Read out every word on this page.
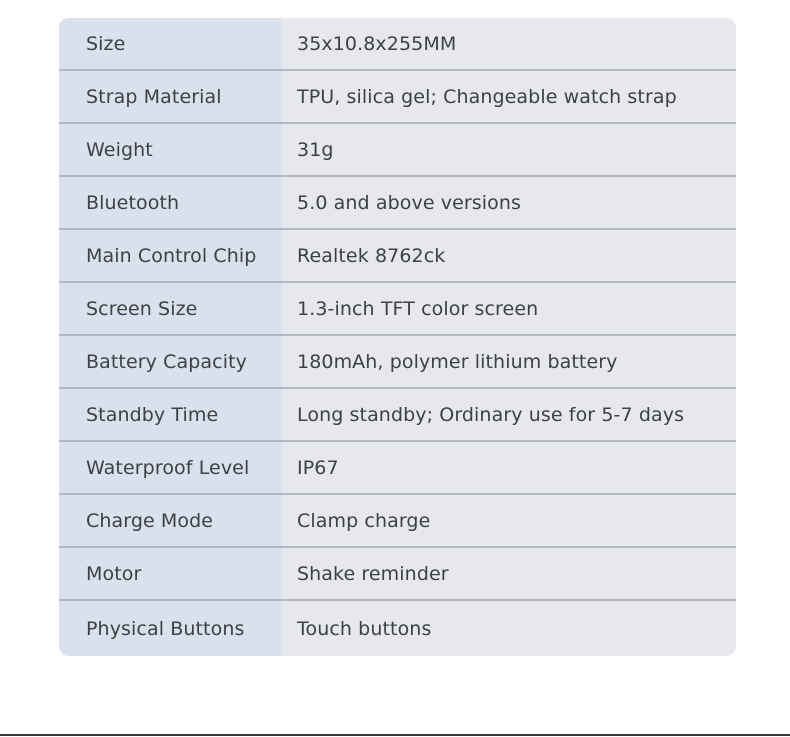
Size	35x10.8x255MM
Strap Material	TPU, silica gel; Changeable watch strap
Weight	31g
Bluetooth	5.0 and above versions
Main Control Chip	Realtek 8762ck
Screen Size	1.3-inch TFT color screen
Battery Capacity	180mAh, polymer lithium battery
Standby Time	Long standby; Ordinary use for 5-7 days
Waterproof Level	IP67
Charge Mode	Clamp charge
Motor	Shake reminder
Physical Buttons	Touch buttons
